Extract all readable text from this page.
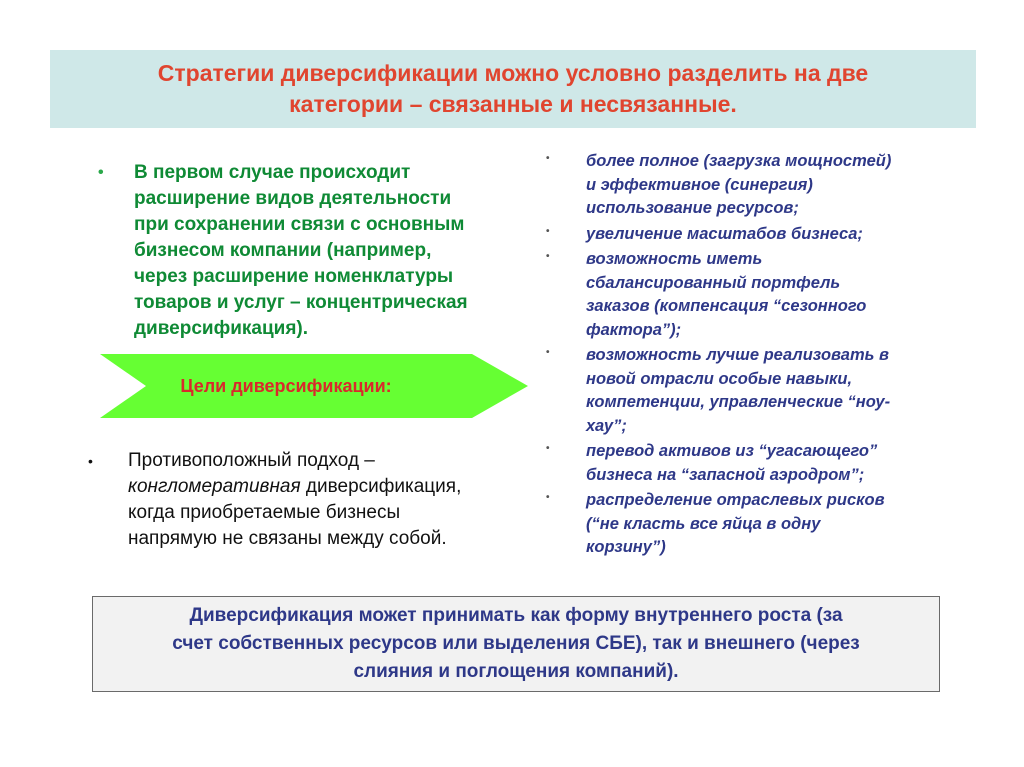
Стратегии диверсификации можно условно разделить на две
категории – связанные и несвязанные.
•	В первом случае происходит
расширение видов деятельности
при сохранении связи с основным
бизнесом компании (например,
через расширение номенклатуры
товаров и услуг – концентрическая
диверсификация).
Цели диверсификации:
•	Противоположный подход –
конгломеративная диверсификация,
когда приобретаемые бизнесы
напрямую не связаны между собой.
•	более полное (загрузка мощностей)
и эффективное (синергия)
использование ресурсов;
•	увеличение масштабов бизнеса;
•	возможность иметь
сбалансированный портфель
заказов (компенсация “сезонного
фактора”);
•	возможность лучше реализовать в
новой отрасли особые навыки,
компетенции, управленческие “ноу-
хау”;
•	перевод активов из “угасающего”
бизнеса на “запасной аэродром”;
•	распределение отраслевых рисков
(“не класть все яйца в одну
корзину”)
Диверсификация может принимать как форму внутреннего роста (за
счет собственных ресурсов или выделения СБЕ), так и внешнего (через
слияния и поглощения компаний).
